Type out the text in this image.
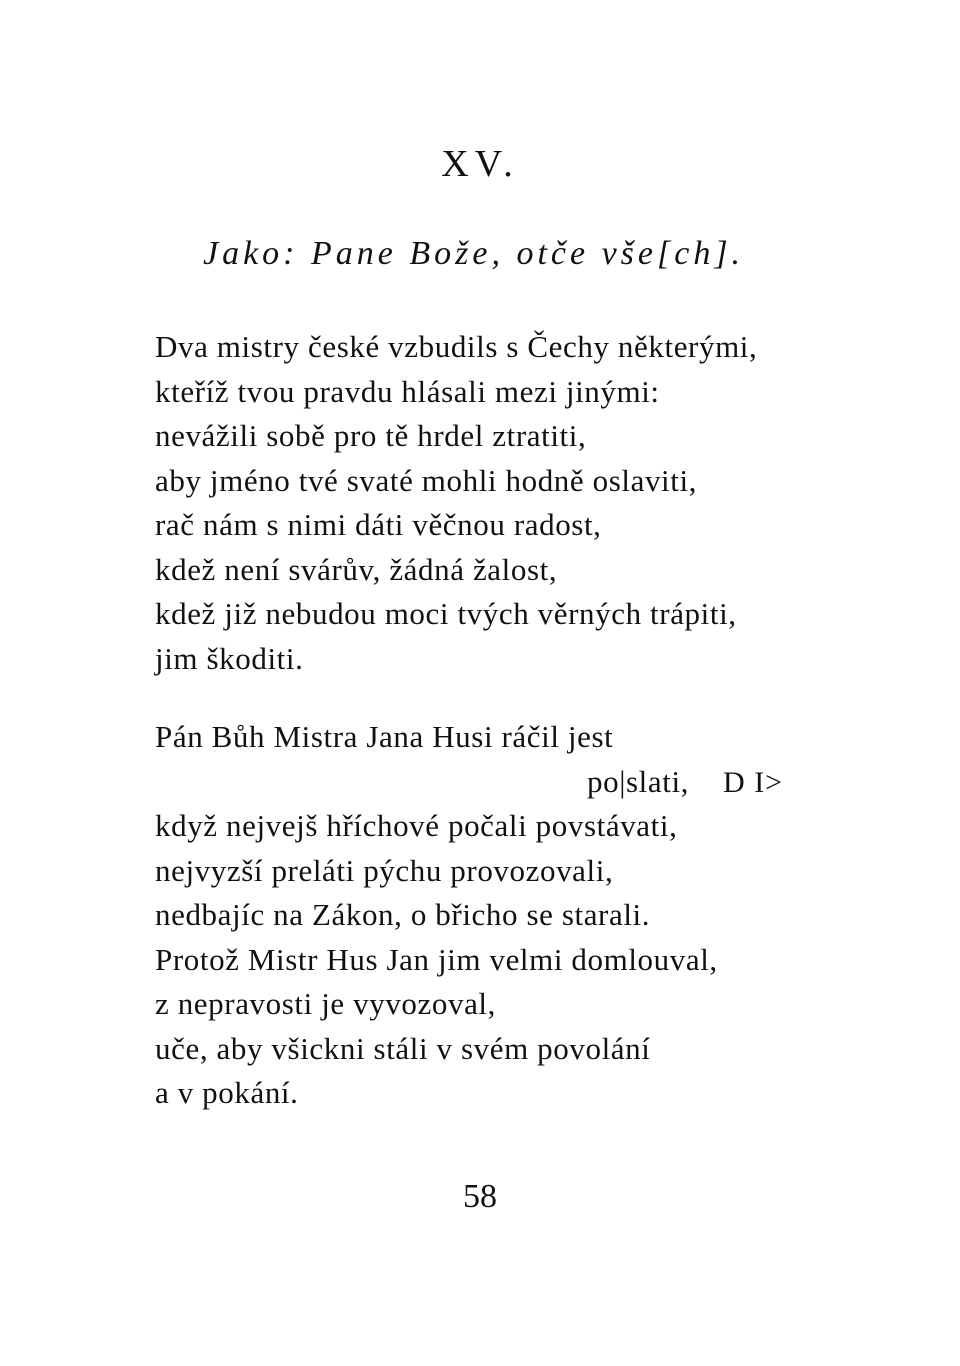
XV.
Jako: Pane Bože, otče vše[ch].
Dva mistry české vzbudils s Čechy některými,
kteříž tvou pravdu hlásali mezi jinými:
nevážili sobě pro tě hrdel ztratiti,
aby jméno tvé svaté mohli hodně oslaviti,
rač nám s nimi dáti věčnou radost,
kdež není svárův, žádná žalost,
kdež již nebudou moci tvých věrných trápiti,
jim škoditi.
Pán Bůh Mistra Jana Husi ráčil jest
po|slati, D I>
když nejvejš hříchové počali povstávati,
nejvyzší preláti pýchu provozovali,
nedbajíc na Zákon, o břicho se starali.
Protož Mistr Hus Jan jim velmi domlouval,
z nepravosti je vyvozoval,
uče, aby všickni stáli v svém povolání
a v pokání.
58
